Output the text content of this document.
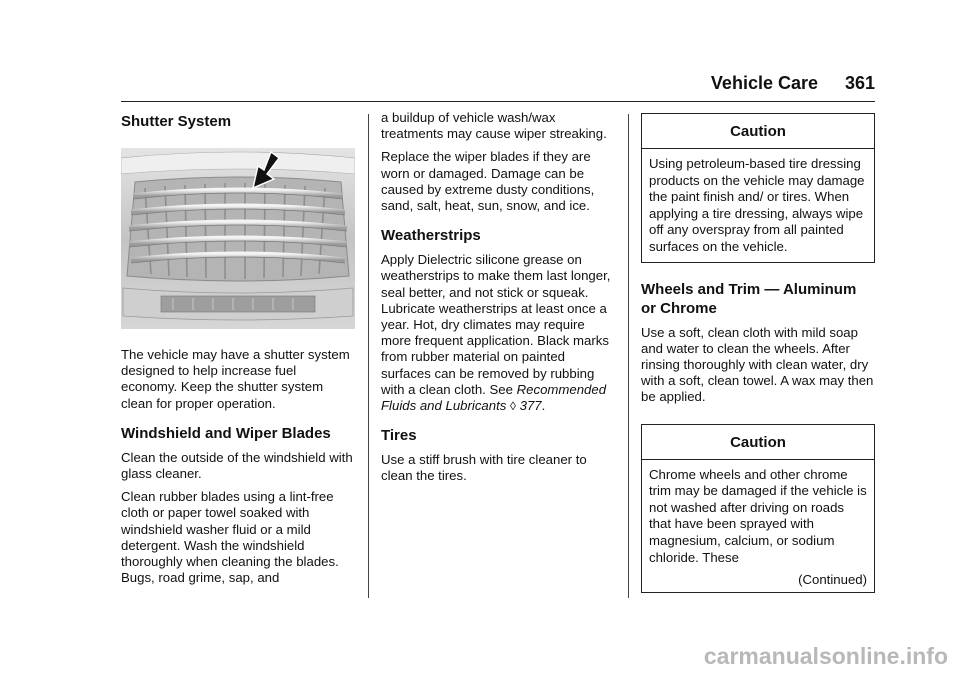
Vehicle Care 361
Shutter System

The vehicle may have a shutter system designed to help increase fuel economy. Keep the shutter system clean for proper operation.

Windshield and Wiper Blades

Clean the outside of the windshield with glass cleaner.

Clean rubber blades using a lint-free cloth or paper towel soaked with windshield washer fluid or a mild detergent. Wash the windshield thoroughly when cleaning the blades. Bugs, road grime, sap, and

a buildup of vehicle wash/wax treatments may cause wiper streaking.

Replace the wiper blades if they are worn or damaged. Damage can be caused by extreme dusty conditions, sand, salt, heat, sun, snow, and ice.

Weatherstrips

Apply Dielectric silicone grease on weatherstrips to make them last longer, seal better, and not stick or squeak. Lubricate weatherstrips at least once a year. Hot, dry climates may require more frequent application. Black marks from rubber material on painted surfaces can be removed by rubbing with a clean cloth. See Recommended Fluids and Lubricants ◊ 377.

Tires

Use a stiff brush with tire cleaner to clean the tires.

Caution
Using petroleum-based tire dressing products on the vehicle may damage the paint finish and/ or tires. When applying a tire dressing, always wipe off any overspray from all painted surfaces on the vehicle.
Wheels and Trim — Aluminum or Chrome

Use a soft, clean cloth with mild soap and water to clean the wheels. After rinsing thoroughly with clean water, dry with a soft, clean towel. A wax may then be applied.

Caution
Chrome wheels and other chrome trim may be damaged if the vehicle is not washed after driving on roads that have been sprayed with magnesium, calcium, or sodium chloride. These
(Continued)
carmanualsonline.info
